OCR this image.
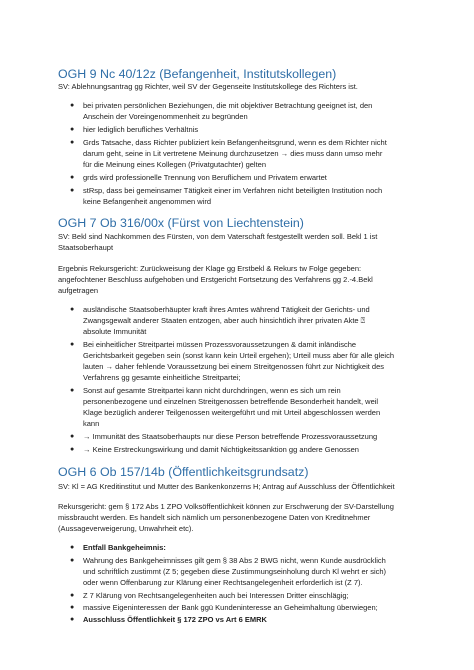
OGH 9 Nc 40/12z (Befangenheit, Institutskollegen)
SV: Ablehnungsantrag gg Richter, weil SV der Gegenseite Institutskollege des Richters ist.
● bei privaten persönlichen Beziehungen, die mit objektiver Betrachtung geeignet ist, den
Anschein der Voreingenommenheit zu begründen
● hier lediglich berufliches Verhältnis
● Grds Tatsache, dass Richter publiziert kein Befangenheitsgrund, wenn es dem Richter nicht
darum geht, seine in Lit vertretene Meinung durchzusetzen → dies muss dann umso mehr
für die Meinung eines Kollegen (Privatgutachter) gelten
● grds wird professionelle Trennung von Beruflichem und Privatem erwartet
● stRsp, dass bei gemeinsamer Tätigkeit einer im Verfahren nicht beteiligten Institution noch
keine Befangenheit angenommen wird
OGH 7 Ob 316/00x (Fürst von Liechtenstein)
SV: Bekl sind Nachkommen des Fürsten, von dem Vaterschaft festgestellt werden soll. Bekl 1 ist
Staatsoberhaupt
Ergebnis Rekursgericht: Zurückweisung der Klage gg Erstbekl & Rekurs tw Folge gegeben:
angefochtener Beschluss aufgehoben und Erstgericht Fortsetzung des Verfahrens gg 2.-4.Bekl
aufgetragen
● ausländische Staatsoberhäupter kraft ihres Amtes während Tätigkeit der Gerichts- und
Zwangsgewalt anderer Staaten entzogen, aber auch hinsichtlich ihrer privaten Akte ⍰
absolute Immunität
● Bei einheitlicher Streitpartei müssen Prozessvoraussetzungen & damit inländische
Gerichtsbarkeit gegeben sein (sonst kann kein Urteil ergehen); Urteil muss aber für alle gleich
lauten → daher fehlende Voraussetzung bei einem Streitgenossen führt zur Nichtigkeit des
Verfahrens gg gesamte einheitliche Streitpartei;
● Sonst auf gesamte Streitpartei kann nicht durchdringen, wenn es sich um rein
personenbezogene und einzelnen Streitgenossen betreffende Besonderheit handelt, weil
Klage bezüglich anderer Teilgenossen weitergeführt und mit Urteil abgeschlossen werden
kann
● → Immunität des Staatsoberhaupts nur diese Person betreffende Prozessvoraussetzung
● → Keine Erstreckungswirkung und damit Nichtigkeitssanktion gg andere Genossen
OGH 6 Ob 157/14b (Öffentlichkeitsgrundsatz)
SV: Kl = AG Kreditinstitut und Mutter des Bankenkonzerns H; Antrag auf Ausschluss der Öffentlichkeit
Rekursgericht: gem § 172 Abs 1 ZPO Volksöffentlichkeit können zur Erschwerung der SV-Darstellung
missbraucht werden. Es handelt sich nämlich um personenbezogene Daten von Kreditnehmer
(Aussageverweigerung, Unwahrheit etc).
● Entfall Bankgeheimnis:
● Wahrung des Bankgeheimnisses gilt gem § 38 Abs 2 BWG nicht, wenn Kunde ausdrücklich
und schriftlich zustimmt (Z 5; gegeben diese Zustimmungseinholung durch Kl wehrt er sich)
oder wenn Offenbarung zur Klärung einer Rechtsangelegenheit erforderlich ist (Z 7).
● Z 7 Klärung von Rechtsangelegenheiten auch bei Interessen Dritter einschlägig;
● massive Eigeninteressen der Bank ggü Kundeninteresse an Geheimhaltung überwiegen;
● Ausschluss Öffentlichkeit § 172 ZPO vs Art 6 EMRK
